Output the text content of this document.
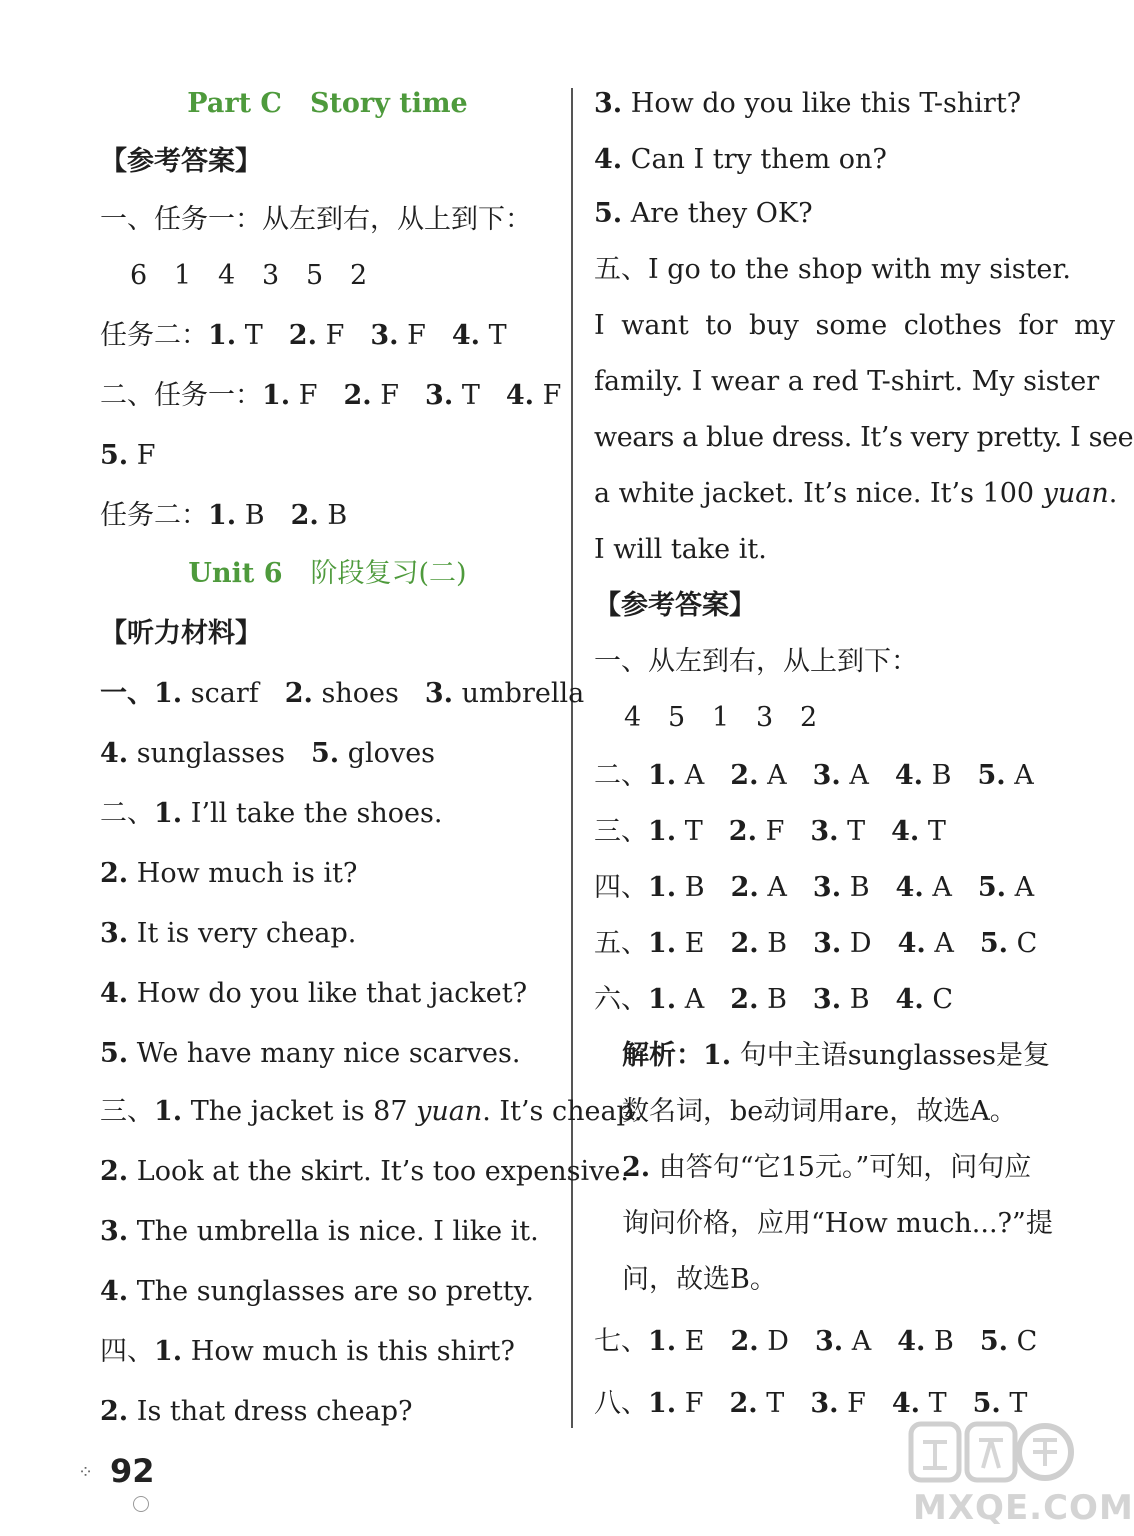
Part C Story time
【参考答案】
一、任务一：从左到右，从上到下：
6 1 4 3 5 2
任务二：1. T 2. F 3. F 4. T
二、任务一：1. F 2. F 3. T 4. F
5. F
任务二：1. B 2. B
Unit 6 阶段复习(二)
【听力材料】
一、1. scarf 2. shoes 3. umbrella
4. sunglasses 5. gloves
二、1. I’ll take the shoes.
2. How much is it?
3. It is very cheap.
4. How do you like that jacket?
5. We have many nice scarves.
三、1. The jacket is 87 yuan. It’s cheap.
2. Look at the skirt. It’s too expensive.
3. The umbrella is nice. I like it.
4. The sunglasses are so pretty.
四、1. How much is this shirt?
2. Is that dress cheap?
3. How do you like this T-shirt?
4. Can I try them on?
5. Are they OK?
五、I go to the shop with my sister.
I want to buy some clothes for my
family. I wear a red T-shirt. My sister
wears a blue dress. It’s very pretty. I see
a white jacket. It’s nice. It’s 100 yuan.
I will take it.
【参考答案】
一、从左到右，从上到下：
4 5 1 3 2
二、1. A 2. A 3. A 4. B 5. A
三、1. T 2. F 3. T 4. T
四、1. B 2. A 3. B 4. A 5. A
五、1. E 2. B 3. D 4. A 5. C
六、1. A 2. B 3. B 4. C
解析：1. 句中主语sunglasses是复
数名词，be动词用are，故选A。
2. 由答句“它15元。”可知，问句应
询问价格，应用“How much...?”提
问，故选B。
七、1. E 2. D 3. A 4. B 5. C
八、1. F 2. T 3. F 4. T 5. T
⁘ 92
MXQE.COM
